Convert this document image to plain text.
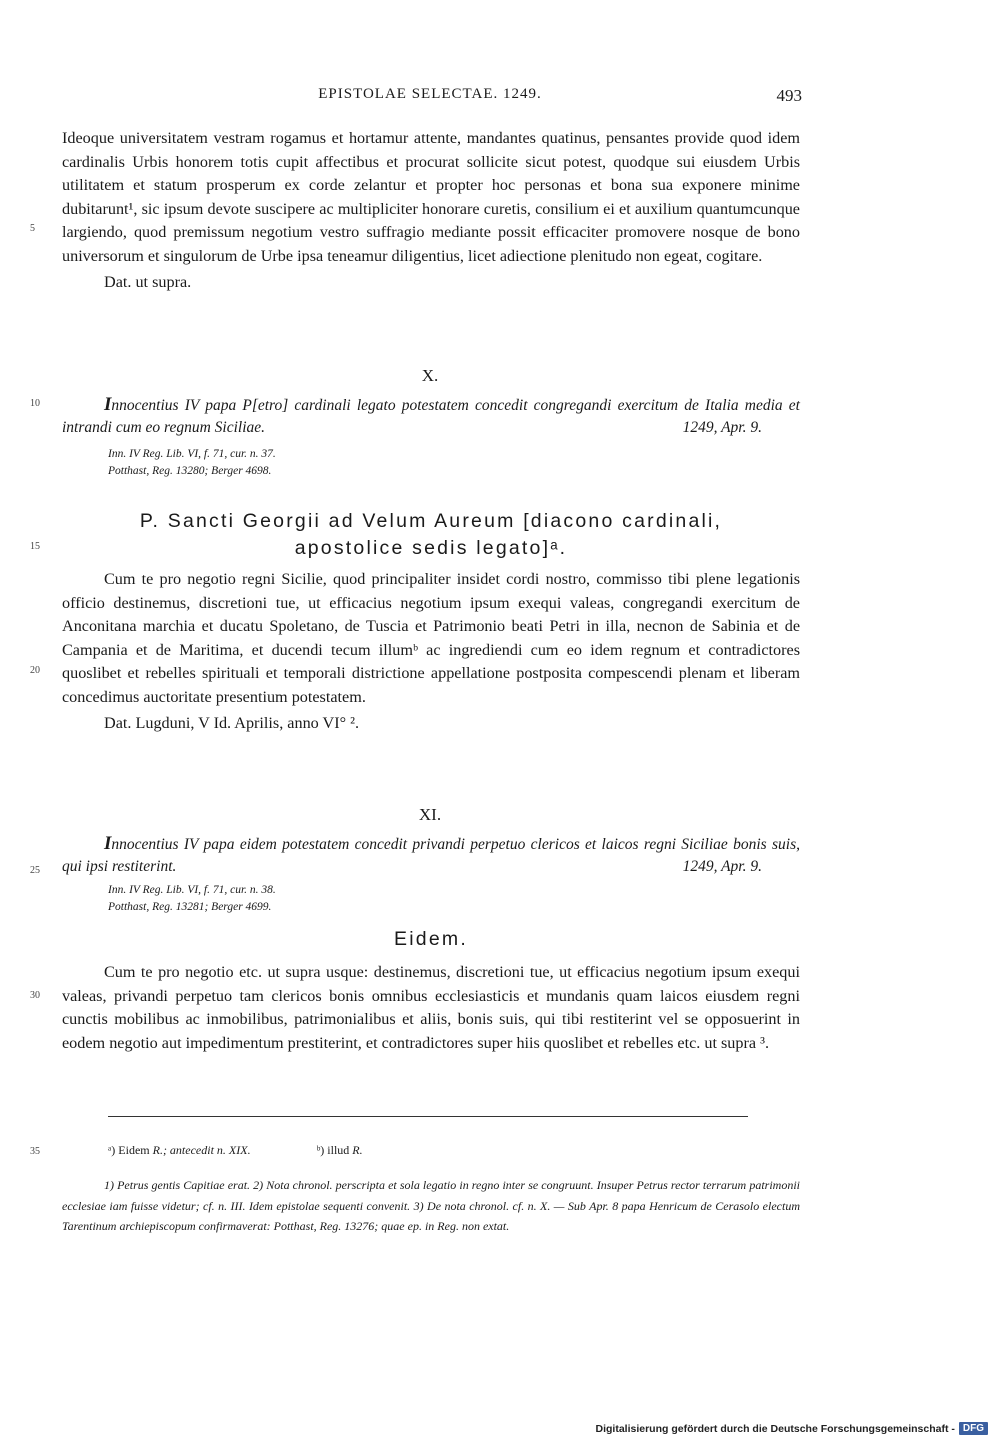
EPISTOLAE SELECTAE. 1249.	493
5
10
15
20
25
30
35

Ideoque universitatem vestram rogamus et hortamur attente, mandantes quatinus, pensantes provide quod idem cardinalis Urbis honorem totis cupit affectibus et procurat sollicite sicut potest, quodque sui eiusdem Urbis utilitatem et statum prosperum ex corde zelantur et propter hoc personas et bona sua exponere minime dubitarunt¹, sic ipsum devote suscipere ac multipliciter honorare curetis, consilium ei et auxilium quantumcunque largiendo, quod premissum negotium vestro suffragio mediante possit efficaciter promovere nosque de bono universorum et singulorum de Urbe ipsa teneamur diligentius, licet adiectione plenitudo non egeat, cogitare.

Dat. ut supra.

X.

Innocentius IV papa P[etro] cardinali legato potestatem concedit congregandi exercitum de Italia media et intrandi cum eo regnum Siciliae.	1249, Apr. 9.

Inn. IV Reg. Lib. VI, f. 71, cur. n. 37.

Potthast, Reg. 13280; Berger 4698.

P. Sancti Georgii ad Velum Aureum [diacono cardinali,
apostolice sedis legato]ᵃ.

Cum te pro negotio regni Sicilie, quod principaliter insidet cordi nostro, commisso tibi plene legationis officio destinemus, discretioni tue, ut efficacius negotium ipsum exequi valeas, congregandi exercitum de Anconitana marchia et ducatu Spoletano, de Tuscia et Patrimonio beati Petri in illa, necnon de Sabinia et de Campania et de Maritima, et ducendi tecum illumᵇ ac ingrediendi cum eo idem regnum et contradictores quoslibet et rebelles spirituali et temporali districtione appellatione postposita compescendi plenam et liberam concedimus auctoritate presentium potestatem.

Dat. Lugduni, V Id. Aprilis, anno VI° ².

XI.

Innocentius IV papa eidem potestatem concedit privandi perpetuo clericos et laicos regni Siciliae bonis suis, qui ipsi restiterint.	1249, Apr. 9.

Inn. IV Reg. Lib. VI, f. 71, cur. n. 38.

Potthast, Reg. 13281; Berger 4699.

Eidem.

Cum te pro negotio etc. ut supra usque: destinemus, discretioni tue, ut efficacius negotium ipsum exequi valeas, privandi perpetuo tam clericos bonis omnibus ecclesiasticis et mundanis quam laicos eiusdem regni cunctis mobilibus ac inmobilibus, patrimonialibus et aliis, bonis suis, qui tibi restiterint vel se opposuerint in eodem negotio aut impedimentum prestiterint, et contradictores super hiis quoslibet et rebelles etc. ut supra ³.

ᵃ) Eidem R.; antecedit n. XIX.	ᵇ) illud R.

1) Petrus gentis Capitiae erat. 2) Nota chronol. perscripta et sola legatio in regno inter se congruunt. Insuper Petrus rector terrarum patrimonii ecclesiae iam fuisse videtur; cf. n. III. Idem epistolae sequenti convenit. 3) De nota chronol. cf. n. X. — Sub Apr. 8 papa Henricum de Cerasolo electum Tarentinum archiepiscopum confirmaverat: Potthast, Reg. 13276; quae ep. in Reg. non extat.

Digitalisierung gefördert durch die Deutsche Forschungsgemeinschaft - DFG
